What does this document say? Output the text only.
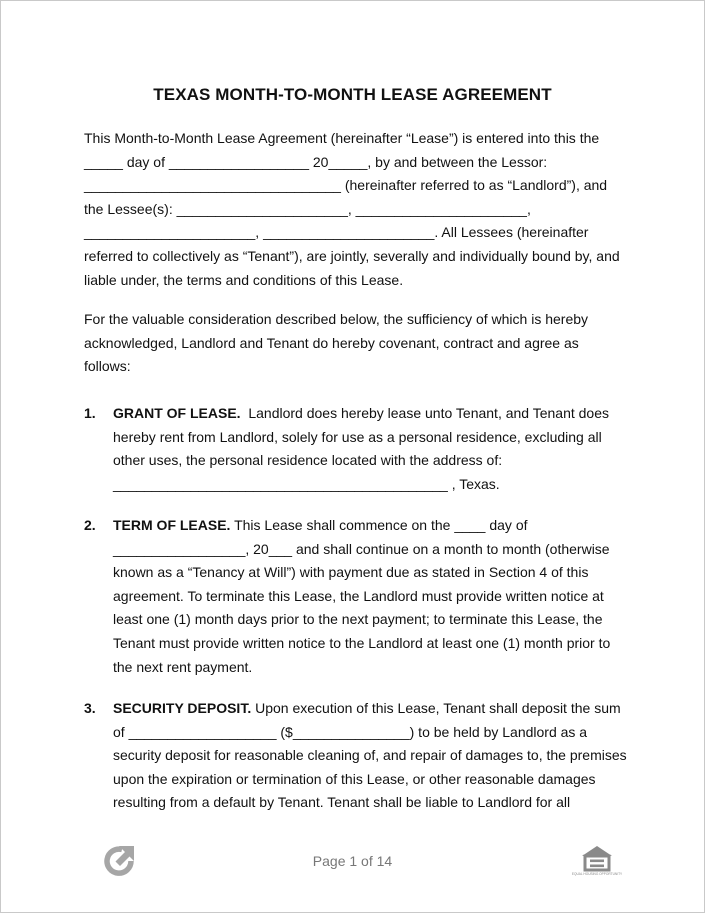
TEXAS MONTH-TO-MONTH LEASE AGREEMENT
This Month-to-Month Lease Agreement (hereinafter “Lease”) is entered into this the
_____ day of __________________ 20_____, by and between the Lessor:
_________________________________ (hereinafter referred to as “Landlord”), and
the Lessee(s): ______________________, ______________________,
______________________, ______________________. All Lessees (hereinafter
referred to collectively as “Tenant”), are jointly, severally and individually bound by, and
liable under, the terms and conditions of this Lease.
For the valuable consideration described below, the sufficiency of which is hereby
acknowledged, Landlord and Tenant do hereby covenant, contract and agree as
follows:
1. GRANT OF LEASE.  Landlord does hereby lease unto Tenant, and Tenant does
hereby rent from Landlord, solely for use as a personal residence, excluding all
other uses, the personal residence located with the address of:
___________________________________________ , Texas.
2. TERM OF LEASE. This Lease shall commence on the ____ day of
_________________, 20___ and shall continue on a month to month (otherwise
known as a “Tenancy at Will”) with payment due as stated in Section 4 of this
agreement. To terminate this Lease, the Landlord must provide written notice at
least one (1) month days prior to the next payment; to terminate this Lease, the
Tenant must provide written notice to the Landlord at least one (1) month prior to
the next rent payment.
3. SECURITY DEPOSIT. Upon execution of this Lease, Tenant shall deposit the sum
of ___________________ ($_______________) to be held by Landlord as a
security deposit for reasonable cleaning of, and repair of damages to, the premises
upon the expiration or termination of this Lease, or other reasonable damages
resulting from a default by Tenant. Tenant shall be liable to Landlord for all
Page 1 of 14
EQUAL HOUSING OPPORTUNITY
